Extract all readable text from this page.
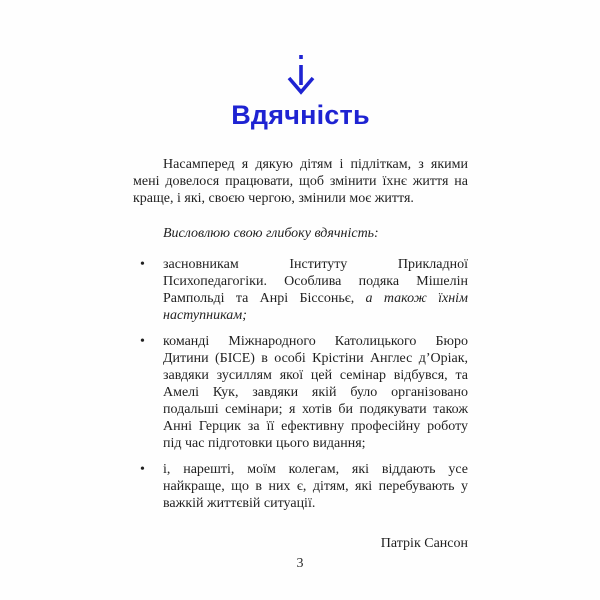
Вдячність

Насамперед я дякую дітям і підліткам, з якими мені довелося працювати, щоб змінити їхнє життя на краще, і які, своєю чергою, змінили моє життя.

Висловлюю свою глибоку вдячність:

• засновникам Інституту Прикладної Психопедагогіки. Особлива подяка Мішелін Рампольді та Анрі Біссоньє, а також їхнім наступникам;
• команді Міжнародного Католицького Бюро Дитини (БІСЕ) в особі Крістіни Англес д’Оріак, завдяки зусиллям якої цей семінар відбувся, та Амелі Кук, завдяки якій було організовано подальші семінари; я хотів би подякувати також Анні Герцик за її ефективну професійну роботу під час підготовки цього видання;
• і, нарешті, моїм колегам, які віддають усе найкраще, що в них є, дітям, які перебувають у важкій життєвій ситуації.

Патрік Сансон

3
